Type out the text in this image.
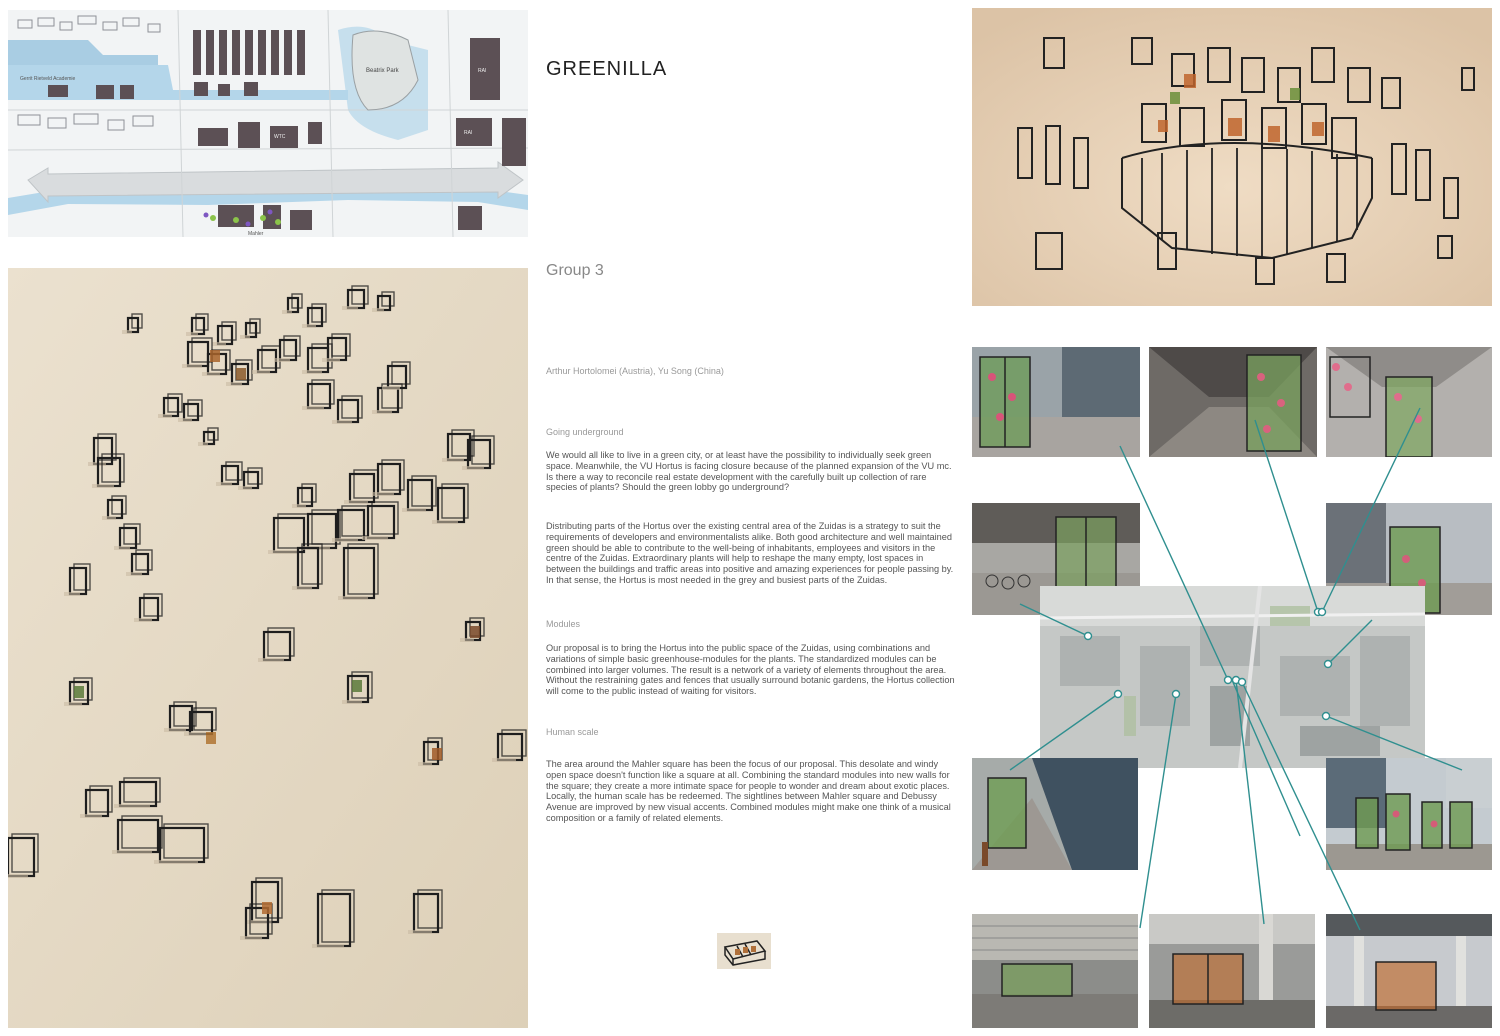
Gerrit Rietveld Academie
Beatrix Park
WTC
RAI
RAI
Mahler
GREENILLA
Group 3
Arthur Hortolomei (Austria), Yu Song (China)
Going underground

We would all like to live in a green city, or at least have the possibility to individually seek green space. Meanwhile, the VU Hortus is facing closure because of the planned expansion of the VU mc. Is there a way to reconcile real estate development with the carefully built up collection of rare species of plants? Should the green lobby go underground?

Distributing parts of the Hortus over the existing central area of the Zuidas is a strategy to suit the requirements of developers and environmentalists alike. Both good architecture and well maintained green should be able to contribute to the well-being of inhabitants, employees and visitors in the centre of the Zuidas. Extraordinary plants will help to reshape the many empty, lost spaces in between the buildings and traffic areas into positive and amazing experiences for people passing by. In that sense, the Hortus is most needed in the grey and busiest parts of the Zuidas.

Modules

Our proposal is to bring the Hortus into the public space of the Zuidas, using combinations and variations of simple basic greenhouse-modules for the plants. The standardized modules can be combined into larger volumes. The result is a network of a variety of elements throughout the area. Without the restraining gates and fences that usually surround botanic gardens, the Hortus collection will come to the public instead of waiting for visitors.

Human scale

The area around the Mahler square has been the focus of our proposal. This desolate and windy open space doesn't function like a square at all. Combining the standard modules into new walls for the square; they create a more intimate space for people to wonder and dream about exotic places. Locally, the human scale has be redeemed. The sightlines between Mahler square and Debussy Avenue are improved by new visual accents. Combined modules might make one think of a musical composition or a family of related elements.
